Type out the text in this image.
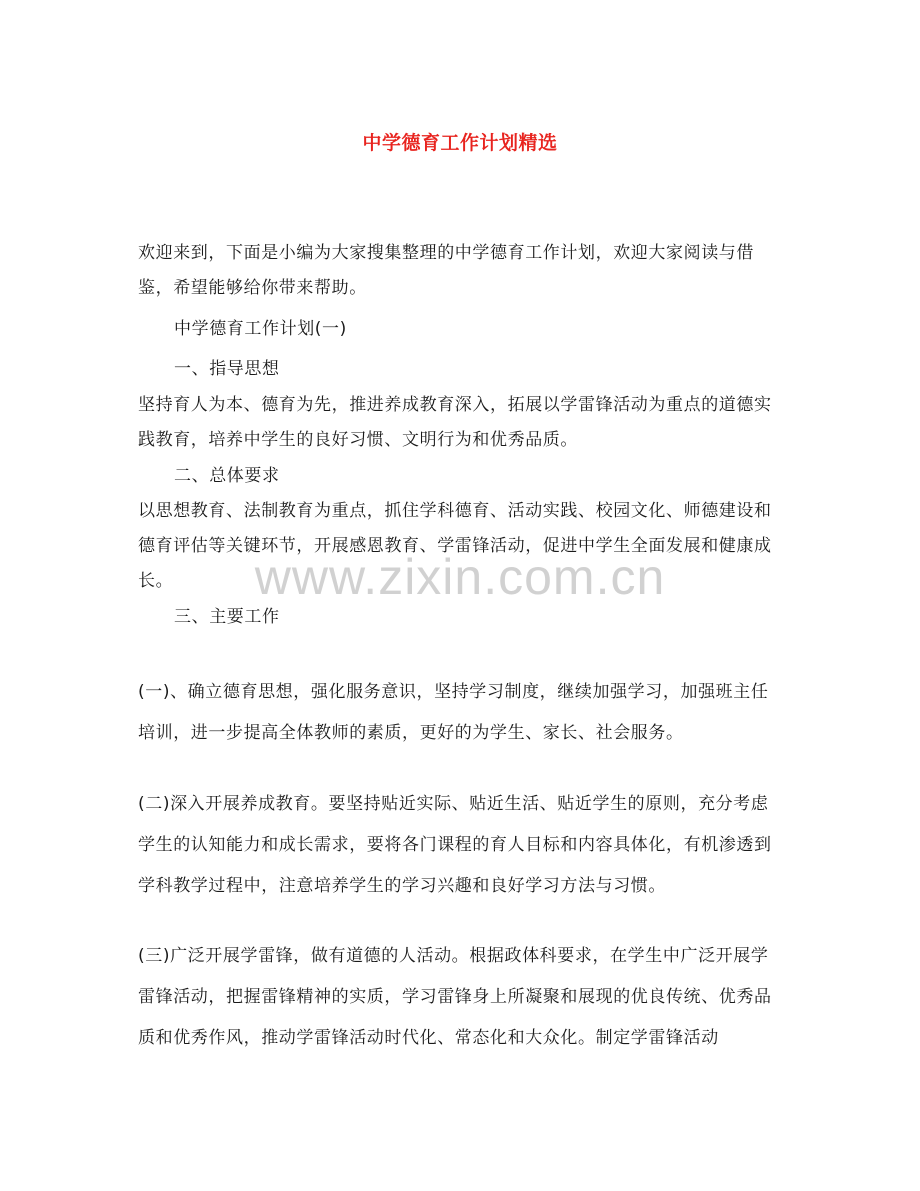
中学德育工作计划精选

欢迎来到，下面是小编为大家搜集整理的中学德育工作计划，欢迎大家阅读与借鉴，希望能够给你带来帮助。

中学德育工作计划(一)

一、指导思想

坚持育人为本、德育为先，推进养成教育深入，拓展以学雷锋活动为重点的道德实践教育，培养中学生的良好习惯、文明行为和优秀品质。

二、总体要求

以思想教育、法制教育为重点，抓住学科德育、活动实践、校园文化、师德建设和德育评估等关键环节，开展感恩教育、学雷锋活动，促进中学生全面发展和健康成长。

三、主要工作

(一)、确立德育思想，强化服务意识，坚持学习制度，继续加强学习，加强班主任培训，进一步提高全体教师的素质，更好的为学生、家长、社会服务。

(二)深入开展养成教育。要坚持贴近实际、贴近生活、贴近学生的原则，充分考虑学生的认知能力和成长需求，要将各门课程的育人目标和内容具体化，有机渗透到学科教学过程中，注意培养学生的学习兴趣和良好学习方法与习惯。

(三)广泛开展学雷锋，做有道德的人活动。根据政体科要求，在学生中广泛开展学雷锋活动，把握雷锋精神的实质，学习雷锋身上所凝聚和展现的优良传统、优秀品质和优秀作风，推动学雷锋活动时代化、常态化和大众化。制定学雷锋活动

www.zixin.com.cn
